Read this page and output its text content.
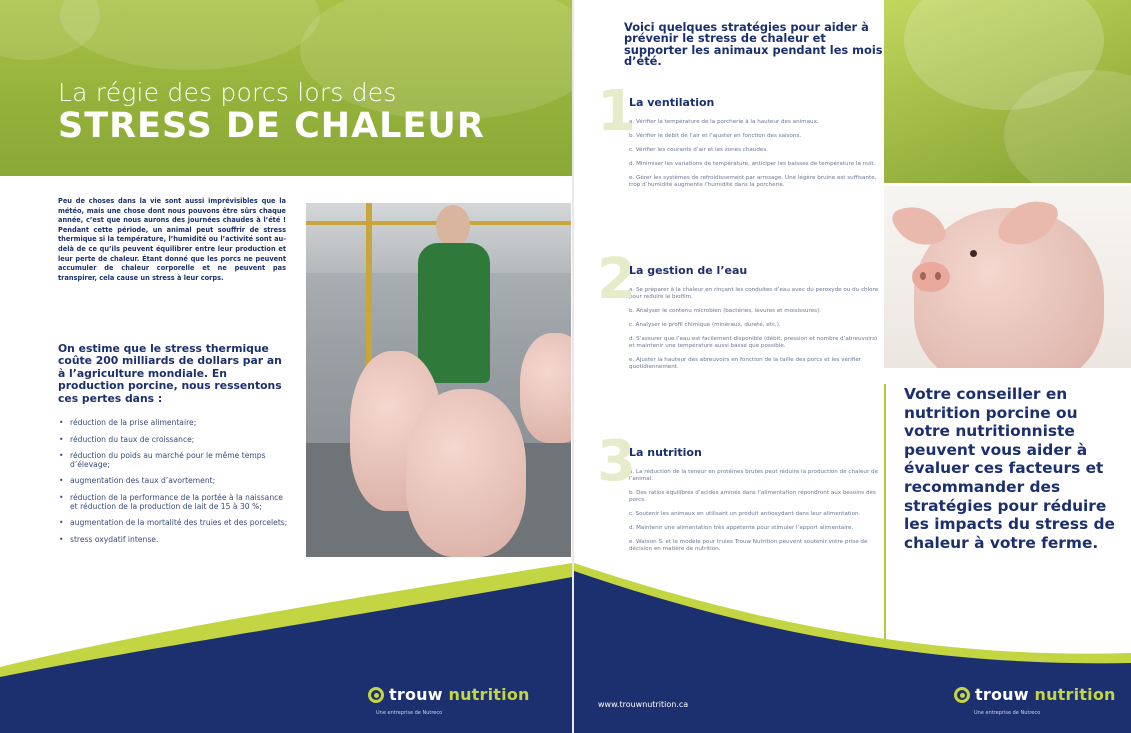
La régie des porcs lors des
STRESS DE CHALEUR

Peu de choses dans la vie sont aussi imprévisibles que la météo, mais une chose dont nous pouvons être sûrs chaque année, c’est que nous aurons des journées chaudes à l’été ! Pendant cette période, un animal peut souffrir de stress thermique si la température, l’humidité ou l’activité sont au-delà de ce qu’ils peuvent équilibrer entre leur production et leur perte de chaleur. Étant donné que les porcs ne peuvent accumuler de chaleur corporelle et ne peuvent pas transpirer, cela cause un stress à leur corps.

On estime que le stress thermique coûte 200 milliards de dollars par an à l’agriculture mondiale. En production porcine, nous ressentons ces pertes dans :

• réduction de la prise alimentaire;
• réduction du taux de croissance;
• réduction du poids au marché pour le même temps d’élevage;
• augmentation des taux d’avortement;
• réduction de la performance de la portée à la naissance et réduction de la production de lait de 15 à 30 %;
• augmentation de la mortalité des truies et des porcelets;
• stress oxydatif intense.
trouw nutrition
Une entreprise de Nutreco
Voici quelques stratégies pour aider à prévenir le stress de chaleur et supporter les animaux pendant les mois d’été.
1
La ventilation
a. Vérifier la température de la porcherie à la hauteur des animaux.
b. Vérifier le débit de l’air et l’ajuster en fonction des saisons.
c. Vérifier les courants d’air et les zones chaudes.
d. Minimiser les variations de température, anticiper les baisses de température la nuit.
e. Gérer les systèmes de refroidissement par arrosage. Une légère bruine est suffisante, trop d’humidité augmente l’humidité dans la porcherie.
2
La gestion de l’eau
a. Se préparer à la chaleur en rinçant les conduites d’eau avec du peroxyde ou du chlore pour réduire le biofilm.
b. Analyser le contenu microbien (bactéries, levures et moisissures).
c. Analyser le profil chimique (minéraux, dureté, etc.).
d. S’assurer que l’eau est facilement disponible (débit, pression et nombre d’abreuvoirs) et maintenir une température aussi basse que possible.
e. Ajuster la hauteur des abreuvoirs en fonction de la taille des porcs et les vérifier quotidiennement.
3
La nutrition
a. La réduction de la teneur en protéines brutes peut réduire la production de chaleur de l’animal.
b. Des ratios équilibrés d’acides aminés dans l’alimentation répondront aux besoins des porcs.
c. Soutenir les animaux en utilisant un produit antioxydant dans leur alimentation.
d. Maintenir une alimentation très appétente pour stimuler l’apport alimentaire.
e. Watson S. et le modèle pour truies Trouw Nutrition peuvent soutenir votre prise de décision en matière de nutrition.

Votre conseiller en nutrition porcine ou votre nutritionniste peuvent vous aider à évaluer ces facteurs et recommander des stratégies pour réduire les impacts du stress de chaleur à votre ferme.

www.trouwnutrition.ca
trouw nutrition
Une entreprise de Nutreco
